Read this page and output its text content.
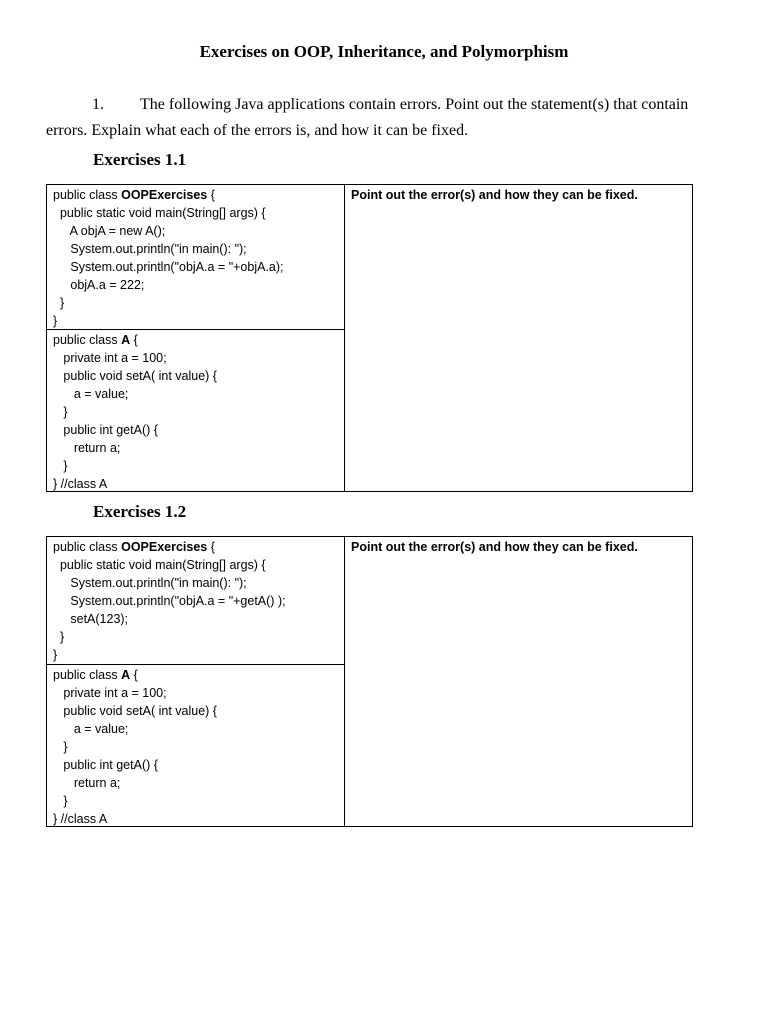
Exercises on OOP, Inheritance, and Polymorphism
1. The following Java applications contain errors. Point out the statement(s) that contain errors. Explain what each of the errors is, and how it can be fixed.
Exercises 1.1
public class OOPExercises {
public static void main(String[] args) {
A objA = new A();
System.out.println("in main(): ");
System.out.println("objA.a = "+objA.a);
objA.a = 222;
}
}

Point out the error(s) and how they can be fixed.

public class A {
private int a = 100;
public void setA( int value) {
a = value;
}
public int getA() {
return a;
}
} //class A
Exercises 1.2
public class OOPExercises {
public static void main(String[] args) {
System.out.println("in main(): ");
System.out.println("objA.a = "+getA() );
setA(123);
}
}

Point out the error(s) and how they can be fixed.

public class A {
private int a = 100;
public void setA( int value) {
a = value;
}
public int getA() {
return a;
}
} //class A
